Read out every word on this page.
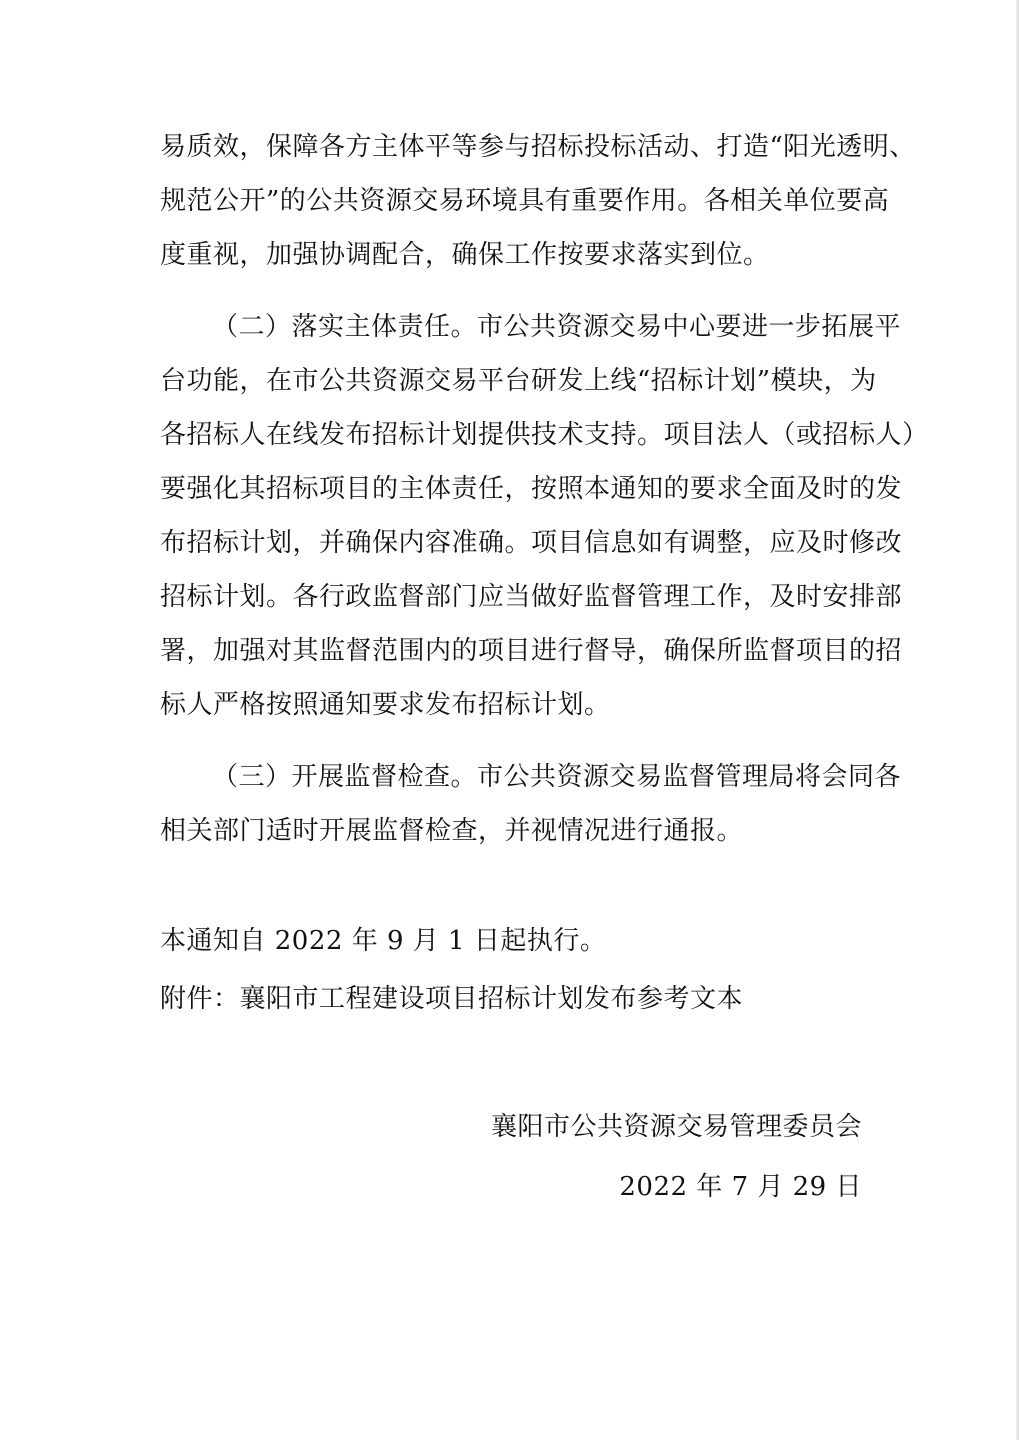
易质效，保障各方主体平等参与招标投标活动、打造“阳光透明、
规范公开”的公共资源交易环境具有重要作用。各相关单位要高
度重视，加强协调配合，确保工作按要求落实到位。
（二）落实主体责任。市公共资源交易中心要进一步拓展平
台功能，在市公共资源交易平台研发上线“招标计划”模块，为
各招标人在线发布招标计划提供技术支持。项目法人（或招标人）
要强化其招标项目的主体责任，按照本通知的要求全面及时的发
布招标计划，并确保内容准确。项目信息如有调整，应及时修改
招标计划。各行政监督部门应当做好监督管理工作，及时安排部
署，加强对其监督范围内的项目进行督导，确保所监督项目的招
标人严格按照通知要求发布招标计划。
（三）开展监督检查。市公共资源交易监督管理局将会同各
相关部门适时开展监督检查，并视情况进行通报。
本通知自 2022 年 9 月 1 日起执行。
附件：襄阳市工程建设项目招标计划发布参考文本
襄阳市公共资源交易管理委员会
2022 年 7 月 29 日
